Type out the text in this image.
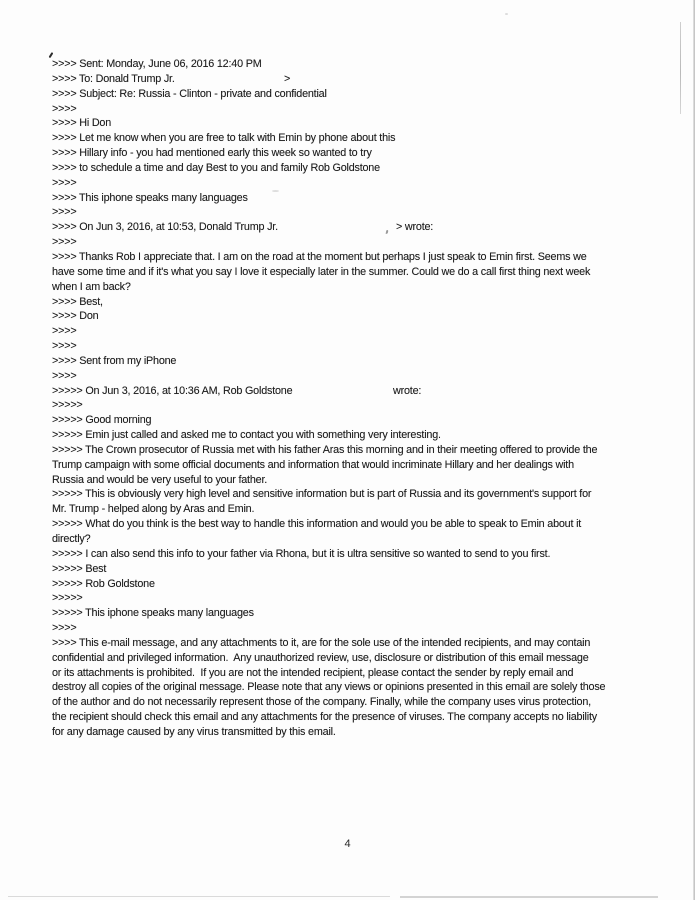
>>>> Sent: Monday, June 06, 2016 12:40 PM
>>>> To: Donald Trump Jr.	>
>>>> Subject: Re: Russia - Clinton - private and confidential
>>>>
>>>> Hi Don
>>>> Let me know when you are free to talk with Emin by phone about this
>>>> Hillary info - you had mentioned early this week so wanted to try
>>>> to schedule a time and day Best to you and family Rob Goldstone
>>>>
>>>> This iphone speaks many languages
>>>>
>>>> On Jun 3, 2016, at 10:53, Donald Trump Jr.	> wrote:
>>>>
>>>> Thanks Rob I appreciate that. I am on the road at the moment but perhaps I just speak to Emin first. Seems we
have some time and if it's what you say I love it especially later in the summer. Could we do a call first thing next week
when I am back?
>>>> Best,
>>>> Don
>>>>
>>>>
>>>> Sent from my iPhone
>>>>
>>>>> On Jun 3, 2016, at 10:36 AM, Rob Goldstone	wrote:
>>>>>
>>>>> Good morning
>>>>> Emin just called and asked me to contact you with something very interesting.
>>>>> The Crown prosecutor of Russia met with his father Aras this morning and in their meeting offered to provide the
Trump campaign with some official documents and information that would incriminate Hillary and her dealings with
Russia and would be very useful to your father.
>>>>> This is obviously very high level and sensitive information but is part of Russia and its government's support for
Mr. Trump - helped along by Aras and Emin.
>>>>> What do you think is the best way to handle this information and would you be able to speak to Emin about it
directly?
>>>>> I can also send this info to your father via Rhona, but it is ultra sensitive so wanted to send to you first.
>>>>> Best
>>>>> Rob Goldstone
>>>>>
>>>>> This iphone speaks many languages
>>>>
>>>> This e-mail message, and any attachments to it, are for the sole use of the intended recipients, and may contain
confidential and privileged information.  Any unauthorized review, use, disclosure or distribution of this email message
or its attachments is prohibited.  If you are not the intended recipient, please contact the sender by reply email and
destroy all copies of the original message. Please note that any views or opinions presented in this email are solely those
of the author and do not necessarily represent those of the company. Finally, while the company uses virus protection,
the recipient should check this email and any attachments for the presence of viruses. The company accepts no liability
for any damage caused by any virus transmitted by this email.
4
